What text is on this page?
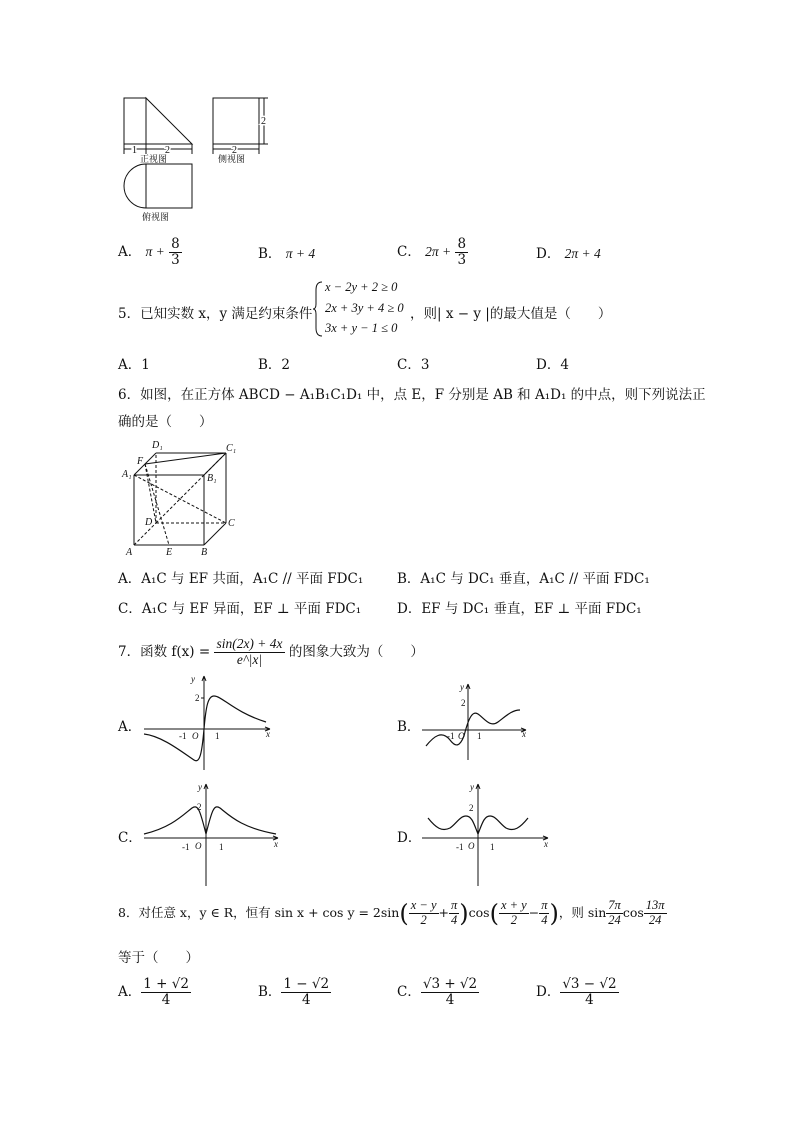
1	2	2
2
正视图	侧视图
俯视图
A． $\pi + \frac{8}{3}$	B． π + 4	C． $2\pi + \frac{8}{3}$	D． 2π + 4
5．已知实数 x，y 满足约束条件
x − 2y + 2 ≥ 0
2x + 3y + 4 ≥ 0
3x + y − 1 ≤ 0
，则| x − y |的最大值是（　　）
A．1	B．2	C．3	D．4
6．如图，在正方体 ABCD − A₁B₁C₁D₁ 中，点 E，F 分别是 AB 和 A₁D₁ 的中点，则下列说法正
确的是（　　）
A	E	B
C
D
A₁	B₁
C₁
D₁
F
A．A₁C 与 EF 共面，A₁C // 平面 FDC₁	B．A₁C 与 DC₁ 垂直，A₁C // 平面 FDC₁
C．A₁C 与 EF 异面，EF ⊥ 平面 FDC₁	D．EF 与 DC₁ 垂直，EF ⊥ 平面 FDC₁
7．函数 $f(x) = \frac{\sin(2x) + 4x}{e\^{}|x|}$ 的图象大致为（　　）
A．	B．
C．	D．
x
y
O
-1	1
2
x
y
O
-1	1
2
x
y
O
-1	1
2
x
y
O
-1	1
2
8．对任意 x，y ∈ R，恒有 $\sin x + \cos y = 2\sin( \frac{x - y}{2} + \frac{\pi}{4} )\cos( \frac{x + y}{2} - \frac{\pi}{4}$ )，则 $\sin \frac{7\pi}{24}$ $\cos \frac{13\pi}{24}$
等于（　　）
A． $\frac{1 + √2}{4}$	B． $\frac{1 - √2}{4}$	C． $\frac{√3 + √2}{4}$	D． $\frac{√3 - √2}{4}$
